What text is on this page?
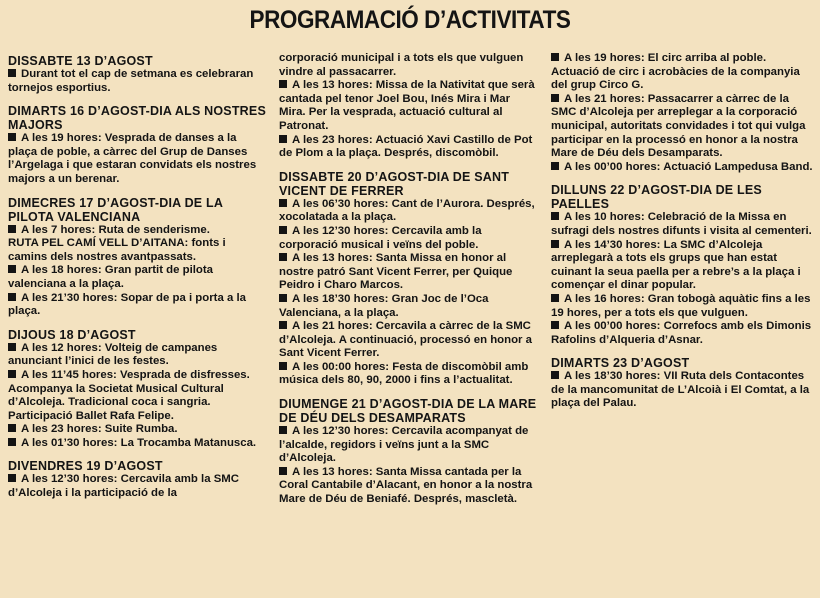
PROGRAMACIÓ D’ACTIVITATS
DISSABTE 13 D’AGOST
Durant tot el cap de setmana es celebraran tornejos esportius.
DIMARTS 16 D’AGOST-DIA ALS NOSTRES MAJORS
A les 19 hores: Vesprada de danses a la plaça de poble, a càrrec del Grup de Danses l’Argelaga i que estaran convidats els nostres majors a un berenar.
DIMECRES 17 D’AGOST-DIA DE LA PILOTA VALENCIANA
A les 7 hores: Ruta de senderisme.
RUTA PEL CAMÍ VELL D’AITANA: fonts i camins dels nostres avantpassats.
A les 18 hores: Gran partit de pilota valenciana a la plaça.
A les 21’30 hores: Sopar de pa i porta a la plaça.
DIJOUS 18 D’AGOST
A les 12 hores: Volteig de campanes anunciant l’inici de les festes.
A les 11’45 hores: Vesprada de disfresses. Acompanya la Societat Musical Cultural d’Alcoleja. Tradicional coca i sangria. Participació Ballet Rafa Felipe.
A les 23 hores: Suite Rumba.
A les 01’30 hores: La Trocamba Matanusca.
DIVENDRES 19 D’AGOST
A les 12’30 hores: Cercavila amb la SMC d’Alcoleja i la participació de la
corporació municipal i a tots els que vulguen vindre al passacarrer.
A les 13 hores: Missa de la Nativitat que serà cantada pel tenor Joel Bou, Inés Mira i Mar Mira. Per la vesprada, actuació cultural al Patronat.
A les 23 hores: Actuació Xavi Castillo de Pot de Plom a la plaça. Després, discomòbil.
DISSABTE 20 D’AGOST-DIA DE SANT VICENT DE FERRER
A les 06’30 hores: Cant de l’Aurora. Després, xocolatada a la plaça.
A les 12’30 hores: Cercavila amb la corporació musical i veïns del poble.
A les 13 hores: Santa Missa en honor al nostre patró Sant Vicent Ferrer, per Quique Peidro i Charo Marcos.
A les 18’30 hores: Gran Joc de l’Oca Valenciana, a la plaça.
A les 21 hores: Cercavila a càrrec de la SMC d’Alcoleja. A continuació, processó en honor a Sant Vicent Ferrer.
A les 00:00 hores: Festa de discomòbil amb música dels 80, 90, 2000 i fins a l’actualitat.
DIUMENGE 21 D’AGOST-DIA DE LA MARE DE DÉU DELS DESAMPARATS
A les 12’30 hores: Cercavila acompanyat de l’alcalde, regidors i veïns junt a la SMC d’Alcoleja.
A les 13 hores: Santa Missa cantada per la Coral Cantabile d’Alacant, en honor a la nostra Mare de Déu de Beniafé. Després, mascletà.
A les 19 hores: El circ arriba al poble. Actuació de circ i acrobàcies de la companyia del grup Circo G.
A les 21 hores: Passacarrer a càrrec de la SMC d’Alcoleja per arreplegar a la corporació municipal, autoritats convidades i tot qui vulga participar en la processó en honor a la nostra Mare de Déu dels Desamparats.
A les 00’00 hores: Actuació Lampedusa Band.
DILLUNS 22 D’AGOST-DIA DE LES PAELLES
A les 10 hores: Celebració de la Missa en sufragi dels nostres difunts i visita al cementeri.
A les 14’30 hores: La SMC d’Alcoleja arreplegarà a tots els grups que han estat cuinant la seua paella per a rebre’s a la plaça i començar el dinar popular.
A les 16 hores: Gran tobogà aquàtic fins a les 19 hores, per a tots els que vulguen.
A les 00’00 hores: Correfocs amb els Dimonis Rafolins d’Alqueria d’Asnar.
DIMARTS 23 D’AGOST
A les 18’30 hores: VII Ruta dels Contacontes de la mancomunitat de L’Alcoià i El Comtat, a la plaça del Palau.
